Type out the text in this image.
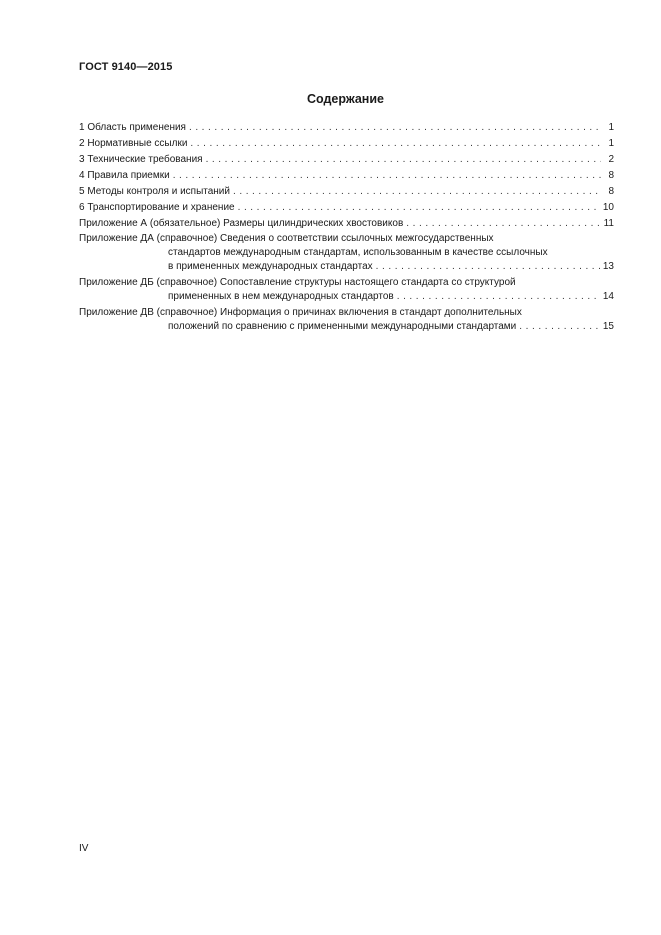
ГОСТ 9140—2015
Содержание
1 Область применения . . .	1
2 Нормативные ссылки . . .	1
3 Технические требования . . .	2
4 Правила приемки . . .	8
5 Методы контроля и испытаний . . .	8
6 Транспортирование и хранение . . .	10
Приложение А (обязательное) Размеры цилиндрических хвостовиков . . .	11
Приложение ДА (справочное) Сведения о соответствии ссылочных межгосударственных
стандартов международным стандартам, использованным в качестве ссылочных
в примененных международных стандартах . . .	13
Приложение ДБ (справочное) Сопоставление структуры настоящего стандарта со структурой
примененных в нем международных стандартов . . .	14
Приложение ДВ (справочное) Информация о причинах включения в стандарт дополнительных
положений по сравнению с примененными международными стандартами . . .	15
IV
